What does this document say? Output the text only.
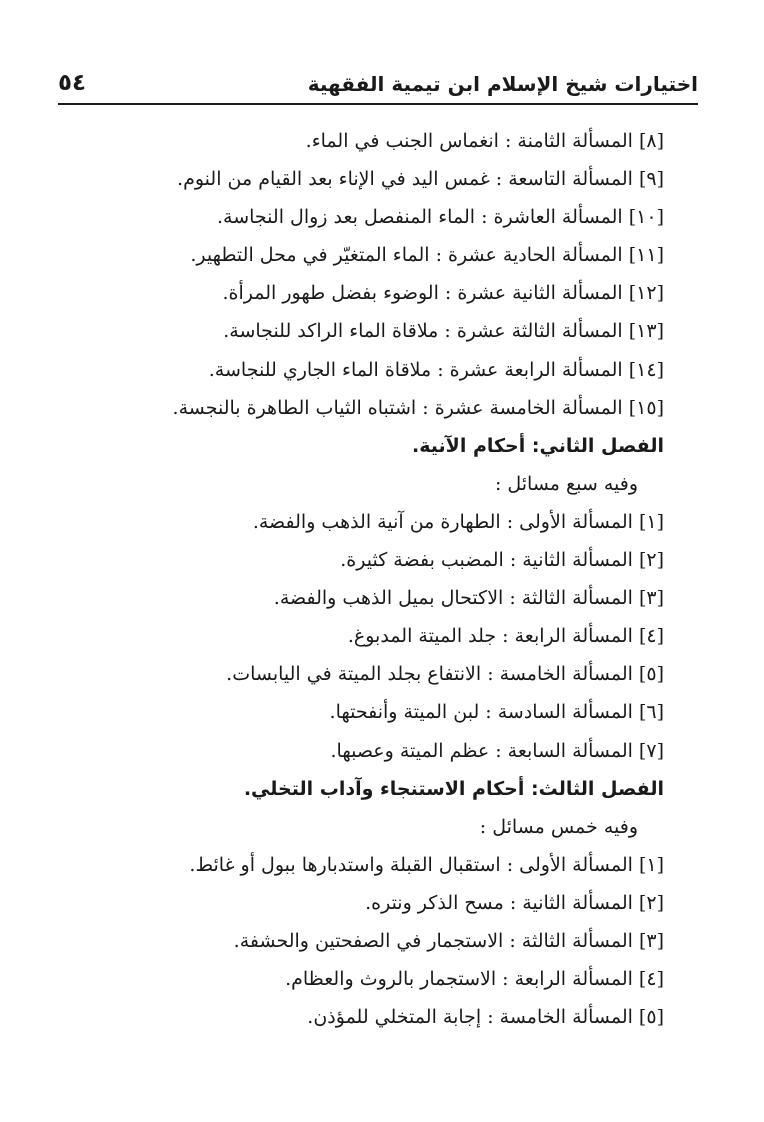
اختيارات شيخ الإسلام ابن تيمية الفقهية
٥٤
[٨] المسألة الثامنة : انغماس الجنب في الماء.
[٩] المسألة التاسعة : غمس اليد في الإناء بعد القيام من النوم.
[١٠] المسألة العاشرة : الماء المنفصل بعد زوال النجاسة.
[١١] المسألة الحادية عشرة : الماء المتغيّر في محل التطهير.
[١٢] المسألة الثانية عشرة : الوضوء بفضل طهور المرأة.
[١٣] المسألة الثالثة عشرة : ملاقاة الماء الراكد للنجاسة.
[١٤] المسألة الرابعة عشرة : ملاقاة الماء الجاري للنجاسة.
[١٥] المسألة الخامسة عشرة : اشتباه الثياب الطاهرة بالنجسة.
الفصل الثاني: أحكام الآنية.
وفيه سبع مسائل :
[١] المسألة الأولى : الطهارة من آنية الذهب والفضة.
[٢] المسألة الثانية : المضبب بفضة كثيرة.
[٣] المسألة الثالثة : الاكتحال بميل الذهب والفضة.
[٤] المسألة الرابعة : جلد الميتة المدبوغ.
[٥] المسألة الخامسة : الانتفاع بجلد الميتة في اليابسات.
[٦] المسألة السادسة : لبن الميتة وأنفحتها.
[٧] المسألة السابعة : عظم الميتة وعصبها.
الفصل الثالث: أحكام الاستنجاء وآداب التخلي.
وفيه خمس مسائل :
[١] المسألة الأولى : استقبال القبلة واستدبارها ببول أو غائط.
[٢] المسألة الثانية : مسح الذكر ونتره.
[٣] المسألة الثالثة : الاستجمار في الصفحتين والحشفة.
[٤] المسألة الرابعة : الاستجمار بالروث والعظام.
[٥] المسألة الخامسة : إجابة المتخلي للمؤذن.
